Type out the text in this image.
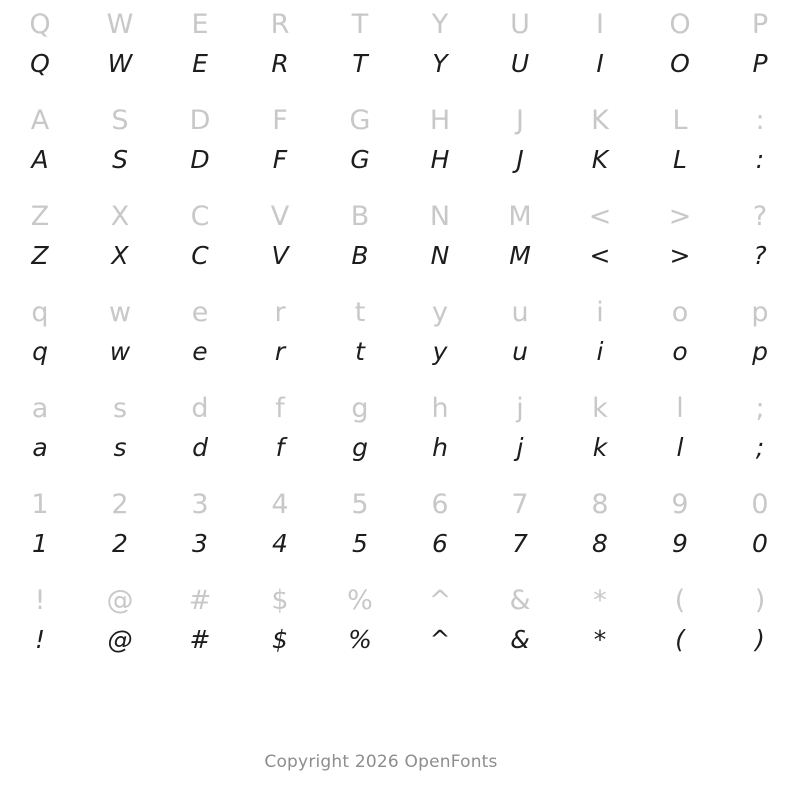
Q
Q
W
W
E
E
R
R
T
T
Y
Y
U
U
I
I
O
O
P
P
A
A
S
S
D
D
F
F
G
G
H
H
J
J
K
K
L
L
:
:
Z
Z
X
X
C
C
V
V
B
B
N
N
M
M
<
<
>
>
?
?
q
q
w
w
e
e
r
r
t
t
y
y
u
u
i
i
o
o
p
p
a
a
s
s
d
d
f
f
g
g
h
h
j
j
k
k
l
l
;
;
1
1
2
2
3
3
4
4
5
5
6
6
7
7
8
8
9
9
0
0
!
!
@
@
#
#
$
$
%
%
^
^
&
&
*
*
(
(
)
)
Copyright 2026 OpenFonts
